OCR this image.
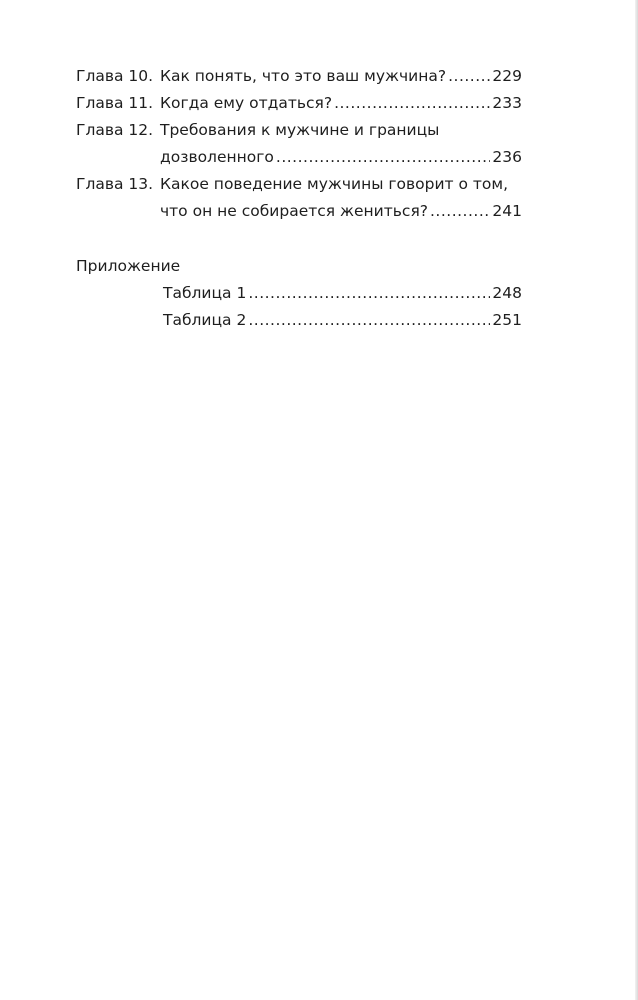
Глава 10. Как понять, что это ваш мужчина? .....	229
Глава 11. Когда ему отдаться? .....	233
Глава 12. Требования к мужчине и границы
дозволенного .....	236
Глава 13. Какое поведение мужчины говорит о том,
что он не собирается жениться? .....	241
Приложение
Таблица 1 .....	248
Таблица 2 .....	251
